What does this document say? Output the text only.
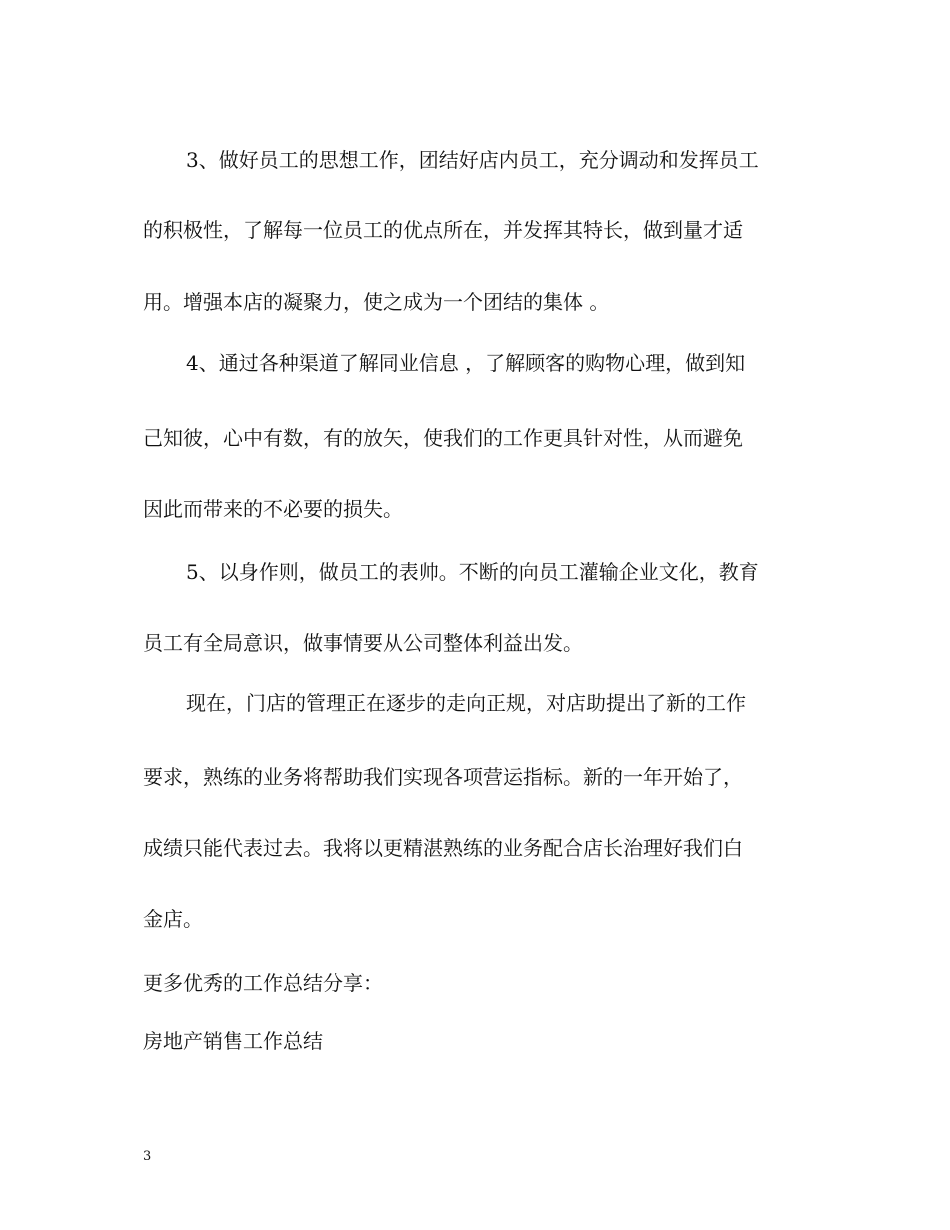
3、做好员工的思想工作，团结好店内员工，充分调动和发挥员工
的积极性，了解每一位员工的优点所在，并发挥其特长，做到量才适
用。增强本店的凝聚力，使之成为一个团结的集体 。
4、通过各种渠道了解同业信息 ，了解顾客的购物心理，做到知
己知彼，心中有数，有的放矢，使我们的工作更具针对性，从而避免
因此而带来的不必要的损失。
5、以身作则，做员工的表帅。不断的向员工灌输企业文化，教育
员工有全局意识，做事情要从公司整体利益出发。
现在，门店的管理正在逐步的走向正规，对店助提出了新的工作
要求，熟练的业务将帮助我们实现各项营运指标。新的一年开始了，
成绩只能代表过去。我将以更精湛熟练的业务配合店长治理好我们白
金店。
更多优秀的工作总结分享：
房地产销售工作总结
3
